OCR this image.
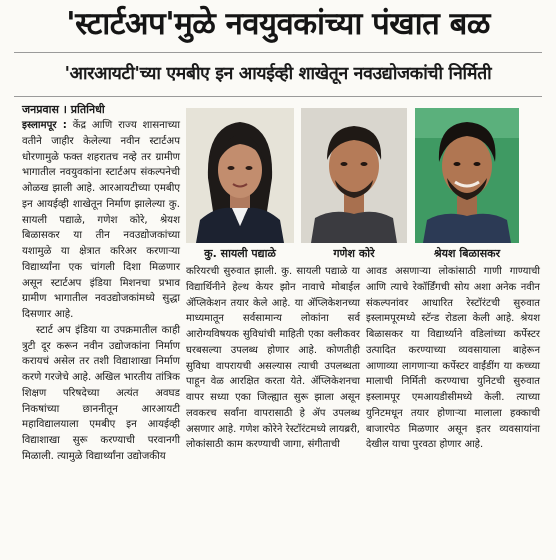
'स्टार्टअप'मुळे नवयुवकांच्या पंखात बळ
'आरआयटी'च्या एमबीए इन आयईव्ही शाखेतून नवउद्योजकांची निर्मिती
जनप्रवास । प्रतिनिधी

इस्लामपूर : केंद्र आणि राज्य शासनाच्या वतीने जाहीर केलेल्या नवीन स्टार्टअप धोरणामुळे फक्त शहरातच नव्हे तर ग्रामीण भागातील नवयुवकांना स्टार्टअप संकल्पनेची ओळख झाली आहे. आरआयटीच्या एमबीए इन आयईव्ही शाखेतून निर्माण झालेल्या कु. सायली पद्याळे, गणेश कोरे, श्रेयश बिळासकर या तीन नवउद्योजकांच्या यशामुळे या क्षेत्रात करिअर करणाऱ्या विद्यार्थ्यांना एक चांगली दिशा मिळणार असून स्टार्टअप इंडिया मिशनचा प्रभाव ग्रामीण भागातील नवउद्योजकांमध्ये सुद्धा दिसणार आहे.

स्टार्ट अप इंडिया या उपक्रमातील काही त्रुटी दूर करून नवीन उद्योजकांना निर्माण करायचं असेल तर तशी विद्याशाखा निर्माण करणे गरजेचे आहे. अखिल भारतीय तांत्रिक शिक्षण परिषदेच्या अत्यंत अवघड निकषांच्या छाननीतून आरआयटी महाविद्यालयाला एमबीए इन आयईव्ही विद्याशाखा सुरू करण्याची परवानगी मिळाली. त्यामुळे विद्यार्थ्यांना उद्योजकीय

कु. सायली पद्याळे	गणेश कोरे	श्रेयश बिळासकर

करियरची सुरुवात झाली. कु. सायली पद्याळे या विद्यार्थिनीने हेल्थ केयर झोन नावाचे मोबाईल ॲप्लिकेशन तयार केले आहे. या ॲप्लिकेशनच्या माध्यमातून सर्वसामान्य लोकांना सर्व आरोग्यविषयक सुविधांची माहिती एका क्लीकवर घरबसल्या उपलब्ध होणार आहे. कोणतीही सुविधा वापरायची असल्यास त्याची उपलब्धता पाहून वेळ आरक्षित करता येते. ॲप्लिकेशनचा वापर सध्या एका जिल्ह्यात सुरू झाला असून लवकरच सर्वांना वापरासाठी हे ॲप उपलब्ध असणार आहे. गणेश कोरेने रेस्टॉरंटमध्ये लायब्ररी, लोकांसाठी काम करण्याची जागा, संगीताची

आवड असणाऱ्या लोकांसाठी गाणी गाण्याची आणि त्याचे रेकॉर्डिंगची सोय अशा अनेक नवीन संकल्पनांवर आधारित रेस्टॉरंटची सुरुवात इस्लामपूरमध्ये स्टॅन्ड रोडला केली आहे. श्रेयश बिळासकर या विद्यार्थ्याने वडिलांच्या कर्पेस्टर उत्पादित करण्याच्या व्यवसायाला बाहेरून आणाव्या लागणाऱ्या कर्पेस्टर वाईंडींग या कच्च्या मालाची निर्मिती करण्याचा युनिटची सुरुवात इस्लामपूर एमआयडीसीमध्ये केली. त्याच्या युनिटमधून तयार होणाऱ्या मालाला हक्काची बाजारपेठ मिळणार असून इतर व्यवसायांना देखील याचा पुरवठा होणार आहे.
